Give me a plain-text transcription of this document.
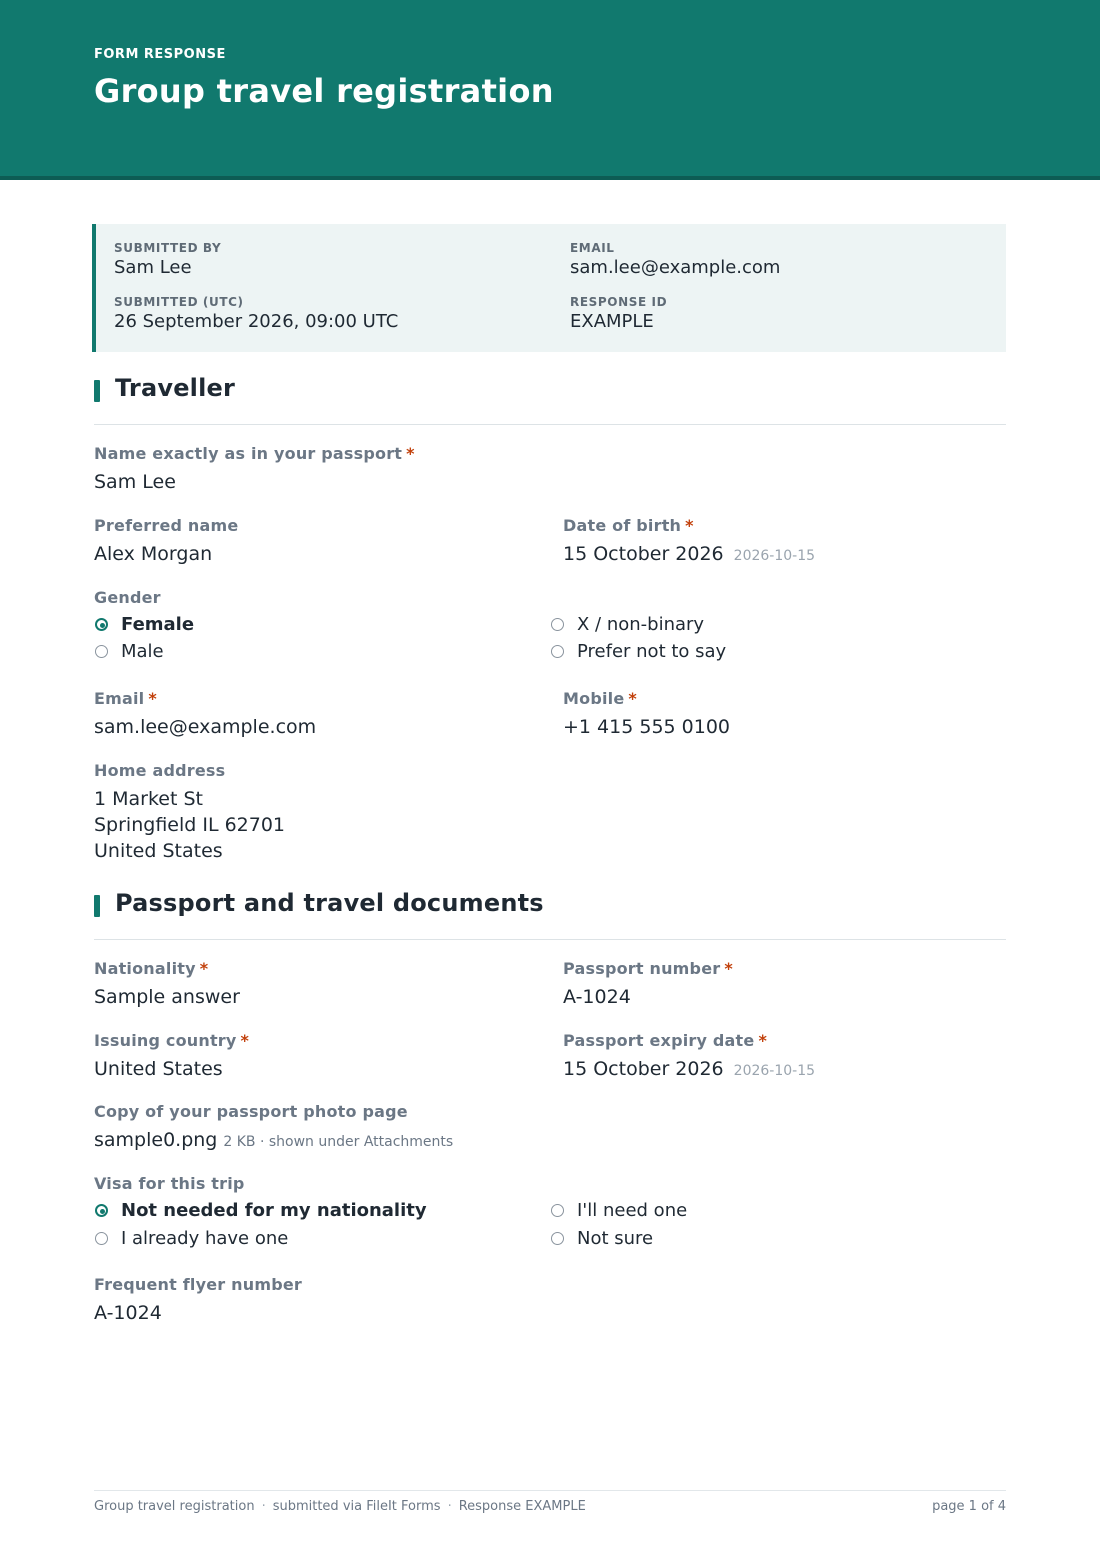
FORM RESPONSE
Group travel registration
SUBMITTED BY
Sam Lee
EMAIL
sam.lee@example.com
SUBMITTED (UTC)
26 September 2026, 09:00 UTC
RESPONSE ID
EXAMPLE
Traveller
Name exactly as in your passport *
Sam Lee
Preferred name
Alex Morgan
Date of birth *
15 October 2026 2026-10-15
Gender
Female	X / non-binary
Male	Prefer not to say
Email *
sam.lee@example.com
Mobile *
+1 415 555 0100
Home address
1 Market St
Springfield IL 62701
United States
Passport and travel documents
Nationality *
Sample answer
Passport number *
A-1024
Issuing country *
United States
Passport expiry date *
15 October 2026 2026-10-15
Copy of your passport photo page
sample0.png 2 KB · shown under Attachments
Visa for this trip
Not needed for my nationality	I'll need one
I already have one	Not sure
Frequent flyer number
A-1024
Group travel registration · submitted via FileIt Forms · Response EXAMPLE	page 1 of 4
